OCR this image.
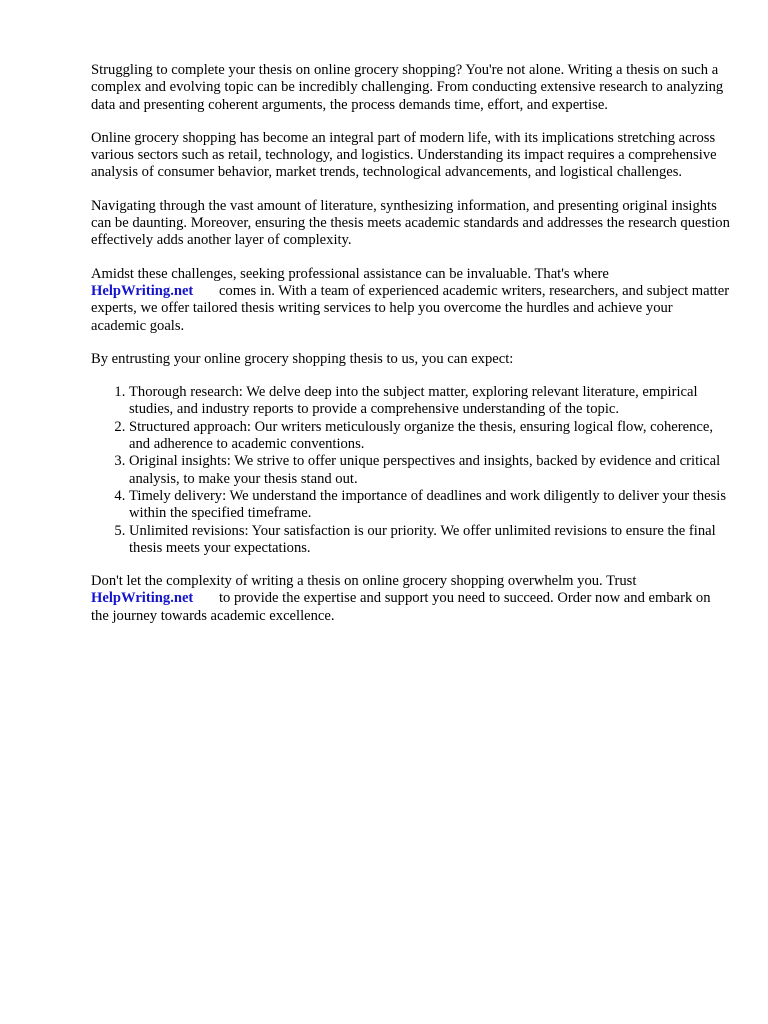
Struggling to complete your thesis on online grocery shopping? You're not alone. Writing a thesis on such a complex and evolving topic can be incredibly challenging. From conducting extensive research to analyzing data and presenting coherent arguments, the process demands time, effort, and expertise.

Online grocery shopping has become an integral part of modern life, with its implications stretching across various sectors such as retail, technology, and logistics. Understanding its impact requires a comprehensive analysis of consumer behavior, market trends, technological advancements, and logistical challenges.

Navigating through the vast amount of literature, synthesizing information, and presenting original insights can be daunting. Moreover, ensuring the thesis meets academic standards and addresses the research question effectively adds another layer of complexity.

Amidst these challenges, seeking professional assistance can be invaluable. That's where
HelpWriting.net comes in. With a team of experienced academic writers, researchers, and subject matter experts, we offer tailored thesis writing services to help you overcome the hurdles and achieve your academic goals.

By entrusting your online grocery shopping thesis to us, you can expect:

1. Thorough research: We delve deep into the subject matter, exploring relevant literature, empirical studies, and industry reports to provide a comprehensive understanding of the topic.
2. Structured approach: Our writers meticulously organize the thesis, ensuring logical flow, coherence, and adherence to academic conventions.
3. Original insights: We strive to offer unique perspectives and insights, backed by evidence and critical analysis, to make your thesis stand out.
4. Timely delivery: We understand the importance of deadlines and work diligently to deliver your thesis within the specified timeframe.
5. Unlimited revisions: Your satisfaction is our priority. We offer unlimited revisions to ensure the final thesis meets your expectations.

Don't let the complexity of writing a thesis on online grocery shopping overwhelm you. Trust
HelpWriting.net to provide the expertise and support you need to succeed. Order now and embark on the journey towards academic excellence.
